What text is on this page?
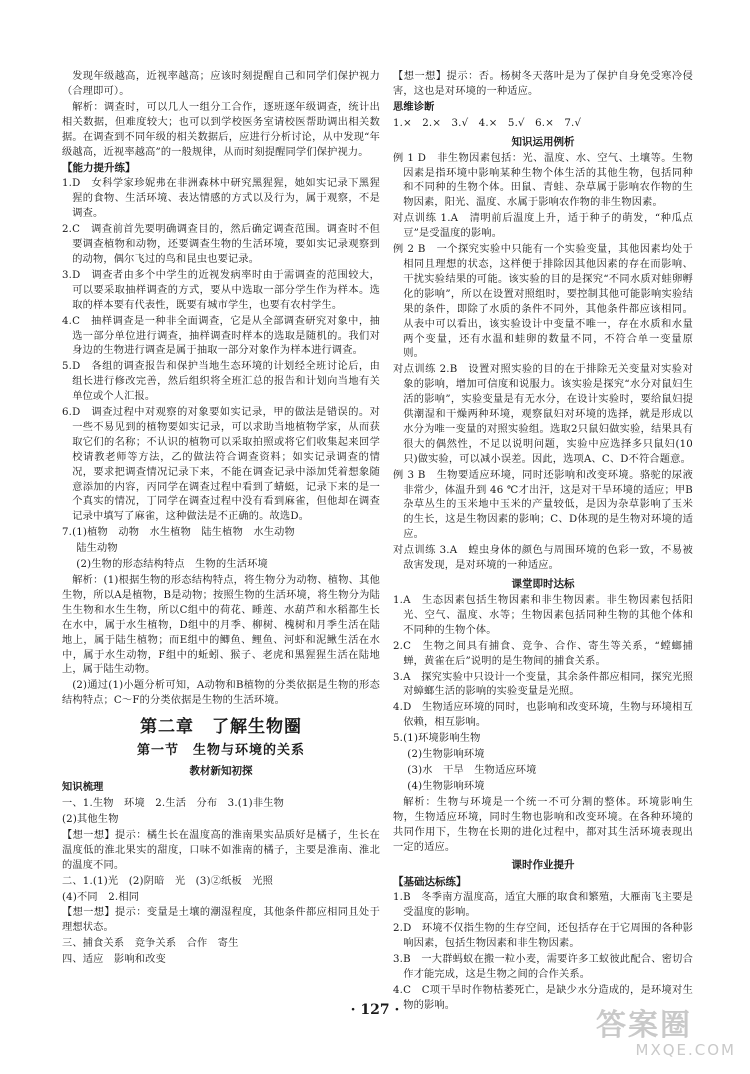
发现年级越高，近视率越高；应该时刻提醒自己和同学们保护视力（合理即可）。

解析：调查时，可以几人一组分工合作，逐班逐年级调查，统计出相关数据，但难度较大；也可以到学校医务室请校医帮助调出相关数据。在调查到不同年级的相关数据后，应进行分析讨论，从中发现“年级越高，近视率越高”的一般规律，从而时刻提醒同学们保护视力。

【能力提升练】

1.D　女科学家珍妮弗在非洲森林中研究黑猩猩，她如实记录下黑猩猩的食物、生活环境、表达情感的方式以及行为，属于观察，不是调查。

2.C　调查前首先要明确调查目的，然后确定调查范围。调查时不但要调查植物和动物，还要调查生物的生活环境，要如实记录观察到的动物，偶尔飞过的鸟和昆虫也要记录。

3.D　调查者由多个中学生的近视发病率时由于需调查的范围较大，可以要采取抽样调查的方式，要从中选取一部分学生作为样本。选取的样本要有代表性，既要有城市学生，也要有农村学生。

4.C　抽样调查是一种非全面调查，它是从全部调查研究对象中，抽选一部分单位进行调查，抽样调查时样本的选取是随机的。我们对身边的生物进行调查是属于抽取一部分对象作为样本进行调查。

5.D　各组的调查报告和保护当地生态环境的计划经全班讨论后，由组长进行修改完善，然后组织将全班汇总的报告和计划向当地有关单位或个人汇报。

6.D　调查过程中对观察的对象要如实记录，甲的做法是错误的。对一些不易见到的植物要如实记录，可以求助当地植物学家，从而获取它们的名称；不认识的植物可以采取拍照或将它们收集起来回学校请教老师等方法，乙的做法符合调查资料；如实记录调查的情况，要求把调查情况记录下来，不能在调查记录中添加凭着想象随意添加的内容，丙同学在调查过程中看到了蜻蜓，记录下来的是一个真实的情况，丁同学在调查过程中没有看到麻雀，但他却在调查记录中填写了麻雀，这种做法是不正确的。故选D。

7.(1)植物　动物　水生植物　陆生植物　水生动物

陆生动物

(2)生物的形态结构特点　生物的生活环境

解析：(1)根据生物的形态结构特点，将生物分为动物、植物、其他生物，所以A是植物，B是动物；按照生物的生活环境，将生物分为陆生生物和水生生物，所以C组中的荷花、睡莲、水葫芦和水稻都生长在水中，属于水生植物，D组中的月季、柳树、槐树和月季生活在陆地上，属于陆生植物；而E组中的鲫鱼、鲤鱼、河虾和泥鳅生活在水中，属于水生动物，F组中的蚯蚓、猴子、老虎和黑猩猩生活在陆地上，属于陆生动物。

(2)通过(1)小题分析可知，A动物和B植物的分类依据是生物的形态结构特点；C～F的分类依据是生物的生活环境。

第二章　了解生物圈
第一节　生物与环境的关系
教材新知初探
知识梳理

一、1.生物　环境　2.生活　分布　3.(1)非生物

(2)其他生物

【想一想】提示：橘生长在温度高的淮南果实品质好是橘子，生长在温度低的淮北果实的甜度，口味不如淮南的橘子，主要是淮南、淮北的温度不同。

二、1.(1)光　(2)阴暗　光　(3)②纸板　光照

(4)不同　2.相同

【想一想】提示：变量是土壤的潮湿程度，其他条件都应相同且处于理想状态。

三、捕食关系　竞争关系　合作　寄生

四、适应　影响和改变

【想一想】提示：否。杨树冬天落叶是为了保护自身免受寒冷侵害，这也是对环境的一种适应。

思维诊断

1.×　2.×　3.√　4.×　5.√　6.×　7.√

知识运用例析

例 1 D　非生物因素包括：光、温度、水、空气、土壤等。生物因素是指环境中影响某种生物个体生活的其他生物，包括同种和不同种的生物个体。田鼠、青蛙、杂草属于影响农作物的生物因素，阳光、温度、水属于影响农作物的非生物因素。

对点训练 1.A　清明前后温度上升，适于种子的萌发，“种瓜点豆”是受温度的影响。

例 2 B　一个探究实验中只能有一个实验变量，其他因素均处于相同且理想的状态，这样便于排除因其他因素的存在而影响、干扰实验结果的可能。该实验的目的是探究“不同水质对蛙卵孵化的影响”，所以在设置对照组时，要控制其他可能影响实验结果的条件，即除了水质的条件不同外，其他条件都应该相同。从表中可以看出，该实验设计中变量不唯一，存在水质和水量两个变量，还有水温和蛙卵的数量不同，不符合单一变量原则。

对点训练 2.B　设置对照实验的目的在于排除无关变量对实验对象的影响，增加可信度和说服力。该实验是探究“水分对鼠妇生活的影响”，实验变量是有无水分，在设计实验时，要给鼠妇提供潮湿和干燥两种环境，观察鼠妇对环境的选择，就是形成以水分为唯一变量的对照实验组。选取2只鼠妇做实验，结果具有很大的偶然性，不足以说明问题，实验中应选择多只鼠妇(10只)做实验，可以减小误差。因此，选项A、C、D不符合题意。

例 3 B　生物要适应环境，同时还影响和改变环境。骆驼的尿液非常少，体温升到 46 ℃才出汗，这是对干旱环境的适应；甲B杂草丛生的玉米地中玉米的产量较低，是因为杂草影响了玉米的生长，这是生物因素的影响；C、D体现的是生物对环境的适应。

对点训练 3.A　蝗虫身体的颜色与周围环境的色彩一致，不易被敌害发现，是对环境的一种适应。

课堂即时达标

1.A　生态因素包括生物因素和非生物因素。非生物因素包括阳光、空气、温度、水等；生物因素包括同种生物的其他个体和不同种的生物个体。

2.C　生物之间具有捕食、竞争、合作、寄生等关系，“螳螂捕蝉，黄雀在后”说明的是生物间的捕食关系。

3.A　探究实验中只设计一个变量，其余条件都应相同，探究光照对蟑螂生活的影响的实验变量是光照。

4.D　生物适应环境的同时，也影响和改变环境，生物与环境相互依赖，相互影响。

5.(1)环境影响生物

(2)生物影响环境

(3)水　干旱　生物适应环境

(4)生物影响环境

解析：生物与环境是一个统一不可分割的整体。环境影响生物，生物适应环境，同时生物也影响和改变环境。在各种环境的共同作用下，生物在长期的进化过程中，都对其生活环境表现出一定的适应。

课时作业提升
【基础达标练】

1.B　冬季南方温度高，适宜大雁的取食和繁殖，大雁南飞主要是受温度的影响。

2.D　环境不仅指生物的生存空间，还包括存在于它周围的各种影响因素，包括生物因素和非生物因素。

3.B　一大群蚂蚁在搬一粒小麦，需要许多工蚁彼此配合、密切合作才能完成，这是生物之间的合作关系。

4.C　C项干旱时作物枯萎死亡，是缺少水分造成的，是环境对生物的影响。

· 127 ·	答案圈
MXQE.COM
